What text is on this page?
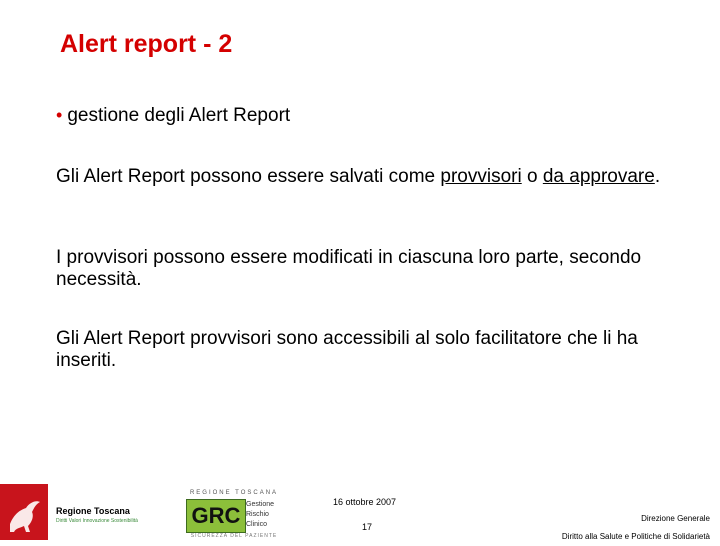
Alert report - 2
• gestione degli Alert Report
Gli Alert Report possono essere salvati come provvisori o da approvare.
I provvisori possono essere modificati in ciascuna loro parte, secondo necessità.
Gli Alert Report provvisori sono accessibili al solo facilitatore che li ha inseriti.
Regione Toscana
Diritti Valori Innovazione Sostenibilità
REGIONE TOSCANA
GRC Gestione
Rischio
Clinico
SICUREZZA DEL PAZIENTE
16 ottobre 2007
17
Direzione Generale
Diritto alla Salute e Politiche di Solidarietà
